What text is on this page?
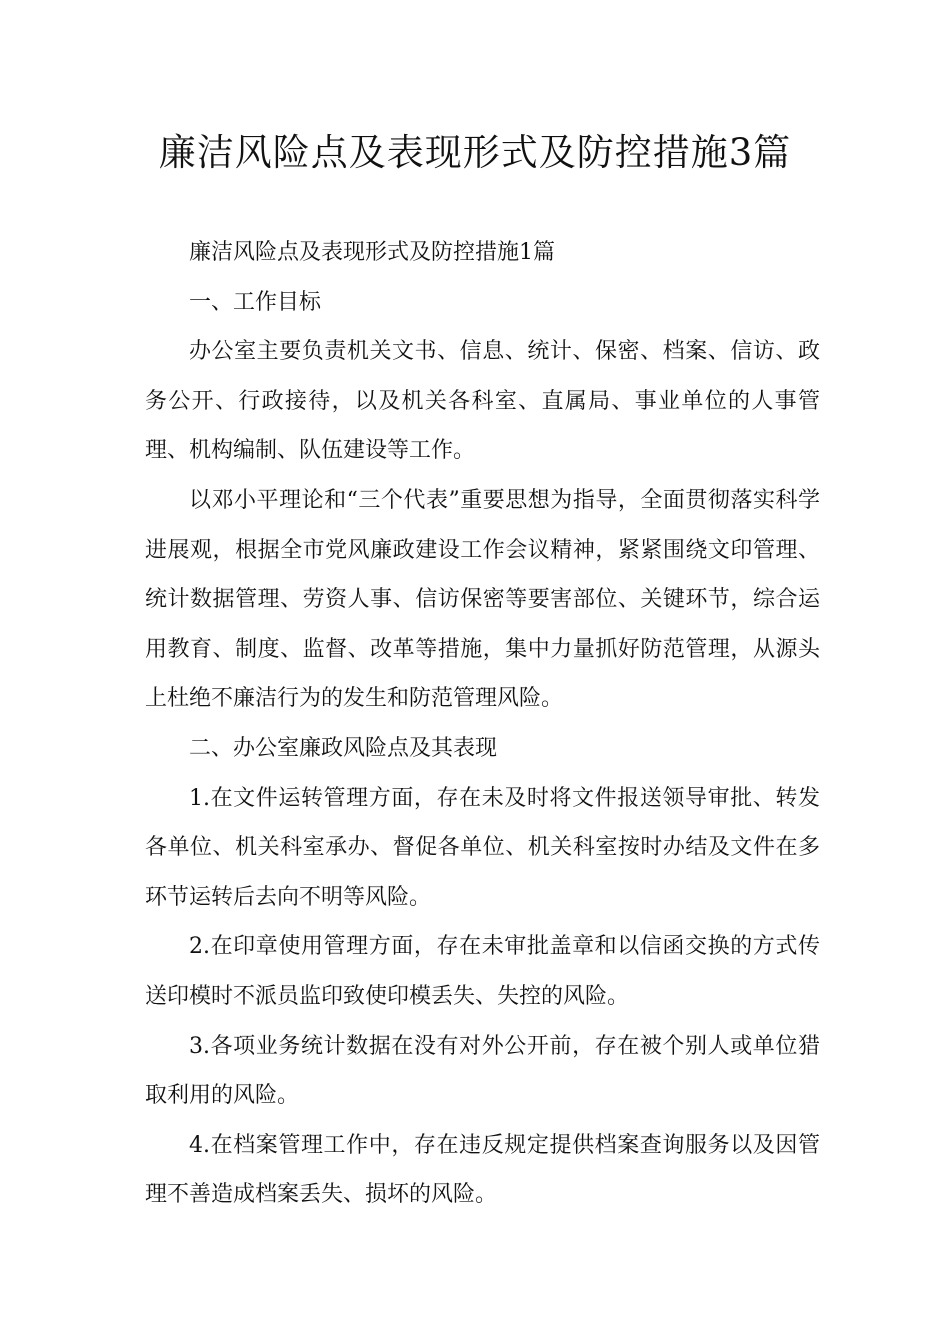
廉洁风险点及表现形式及防控措施3篇

廉洁风险点及表现形式及防控措施1篇

一、工作目标

办公室主要负责机关文书、信息、统计、保密、档案、信访、政务公开、行政接待，以及机关各科室、直属局、事业单位的人事管理、机构编制、队伍建设等工作。

以邓小平理论和“三个代表”重要思想为指导，全面贯彻落实科学进展观，根据全市党风廉政建设工作会议精神，紧紧围绕文印管理、统计数据管理、劳资人事、信访保密等要害部位、关键环节，综合运用教育、制度、监督、改革等措施，集中力量抓好防范管理，从源头上杜绝不廉洁行为的发生和防范管理风险。

二、办公室廉政风险点及其表现

1.在文件运转管理方面，存在未及时将文件报送领导审批、转发各单位、机关科室承办、督促各单位、机关科室按时办结及文件在多环节运转后去向不明等风险。

2.在印章使用管理方面，存在未审批盖章和以信函交换的方式传送印模时不派员监印致使印模丢失、失控的风险。

3.各项业务统计数据在没有对外公开前，存在被个别人或单位猎取利用的风险。

4.在档案管理工作中，存在违反规定提供档案查询服务以及因管理不善造成档案丢失、损坏的风险。
